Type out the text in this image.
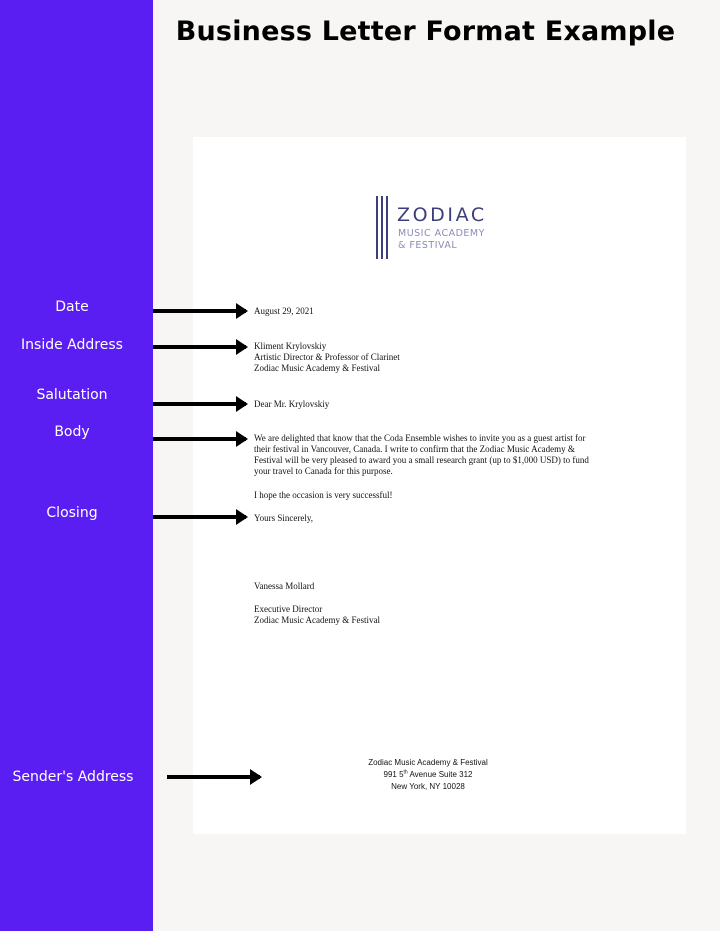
Date
Inside Address
Salutation
Body
Closing
Sender's Address
Business Letter Format Example
ZODIAC
MUSIC ACADEMY
& FESTIVAL
August 29, 2021
Kliment Krylovskiy
Artistic Director & Professor of Clarinet
Zodiac Music Academy & Festival
Dear Mr. Krylovskiy
We are delighted that know that the Coda Ensemble wishes to invite you as a guest artist for
their festival in Vancouver, Canada. I write to confirm that the Zodiac Music Academy &
Festival will be very pleased to award you a small research grant (up to $1,000 USD) to fund
your travel to Canada for this purpose.
I hope the occasion is very successful!
Yours Sincerely,
Vanessa Mollard
Executive Director
Zodiac Music Academy & Festival
Zodiac Music Academy & Festival
991 5th Avenue Suite 312
New York, NY 10028
